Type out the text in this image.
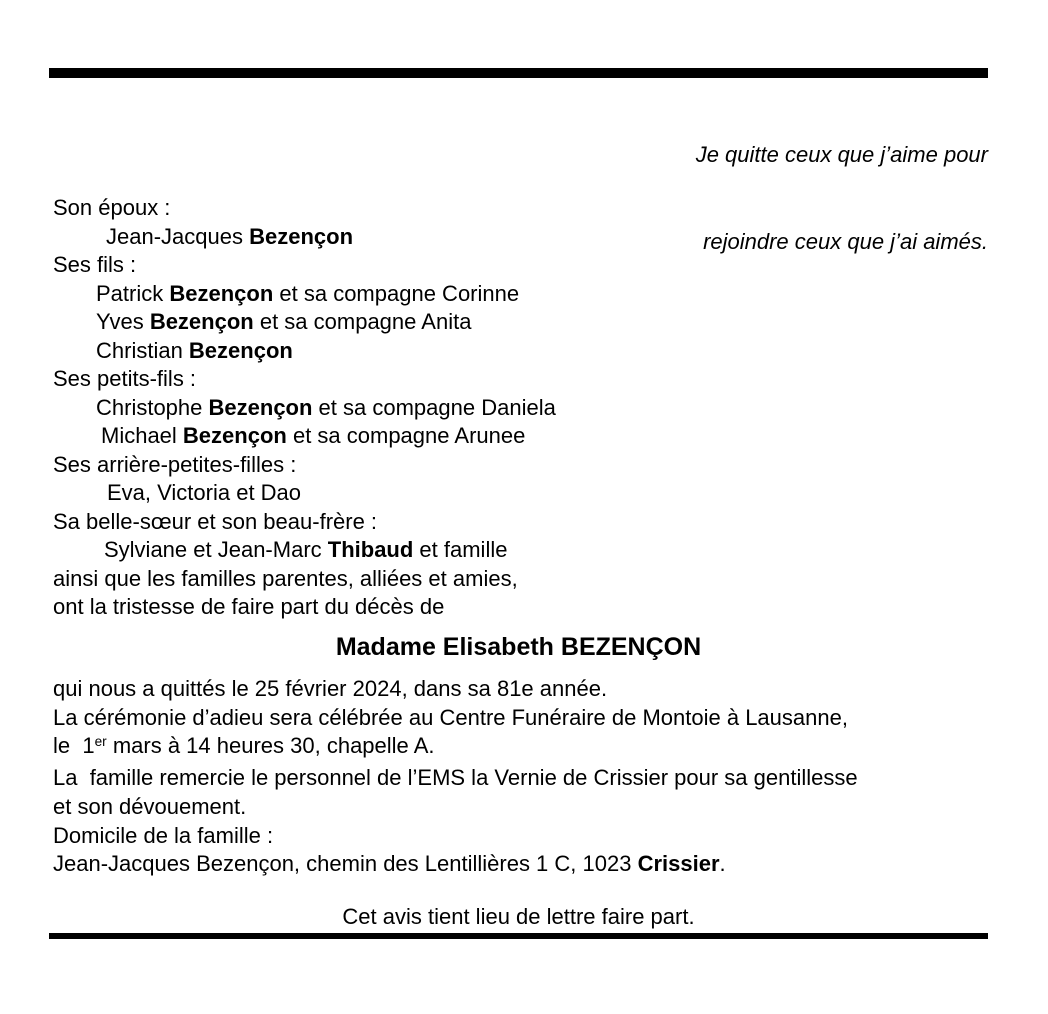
Je quitte ceux que j’aime pour

rejoindre ceux que j’ai aimés.

Son époux :

Jean-Jacques Bezençon

Ses fils :

Patrick Bezençon et sa compagne Corinne

Yves Bezençon et sa compagne Anita

Christian Bezençon

Ses petits-fils :

Christophe Bezençon et sa compagne Daniela

Michael Bezençon et sa compagne Arunee

Ses arrière-petites-filles :

Eva, Victoria et Dao

Sa belle-sœur et son beau-frère :

Sylviane et Jean-Marc Thibaud et famille

ainsi que les familles parentes, alliées et amies,

ont la tristesse de faire part du décès de

Madame Elisabeth BEZENÇON

qui nous a quittés le 25 février 2024, dans sa 81e année.

La cérémonie d’adieu sera célébrée au Centre Funéraire de Montoie à Lausanne,

le  1er mars à 14 heures 30, chapelle A.

La  famille remercie le personnel de l’EMS la Vernie de Crissier pour sa gentillesse

et son dévouement.

Domicile de la famille :

Jean-Jacques Bezençon, chemin des Lentillières 1 C, 1023 Crissier.

Cet avis tient lieu de lettre faire part.
